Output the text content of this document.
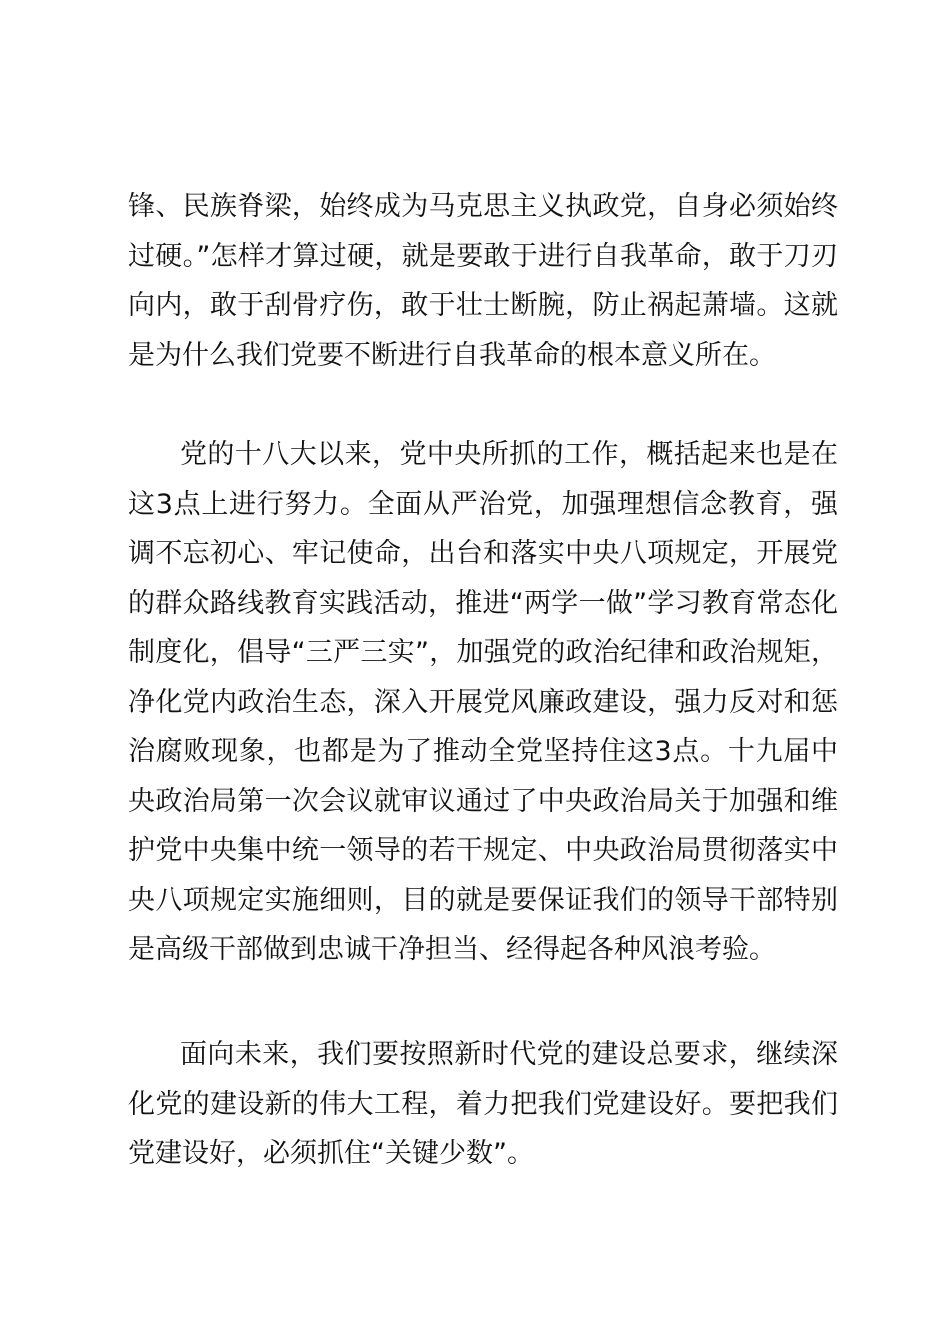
锋、民族脊梁，始终成为马克思主义执政党，自身必须始终过硬。”怎样才算过硬，就是要敢于进行自我革命，敢于刀刃向内，敢于刮骨疗伤，敢于壮士断腕，防止祸起萧墙。这就是为什么我们党要不断进行自我革命的根本意义所在。

党的十八大以来，党中央所抓的工作，概括起来也是在这3点上进行努力。全面从严治党，加强理想信念教育，强调不忘初心、牢记使命，出台和落实中央八项规定，开展党的群众路线教育实践活动，推进“两学一做”学习教育常态化制度化，倡导“三严三实”，加强党的政治纪律和政治规矩，净化党内政治生态，深入开展党风廉政建设，强力反对和惩治腐败现象，也都是为了推动全党坚持住这3点。十九届中央政治局第一次会议就审议通过了中央政治局关于加强和维护党中央集中统一领导的若干规定、中央政治局贯彻落实中央八项规定实施细则，目的就是要保证我们的领导干部特别是高级干部做到忠诚干净担当、经得起各种风浪考验。

面向未来，我们要按照新时代党的建设总要求，继续深化党的建设新的伟大工程，着力把我们党建设好。要把我们党建设好，必须抓住“关键少数”。
